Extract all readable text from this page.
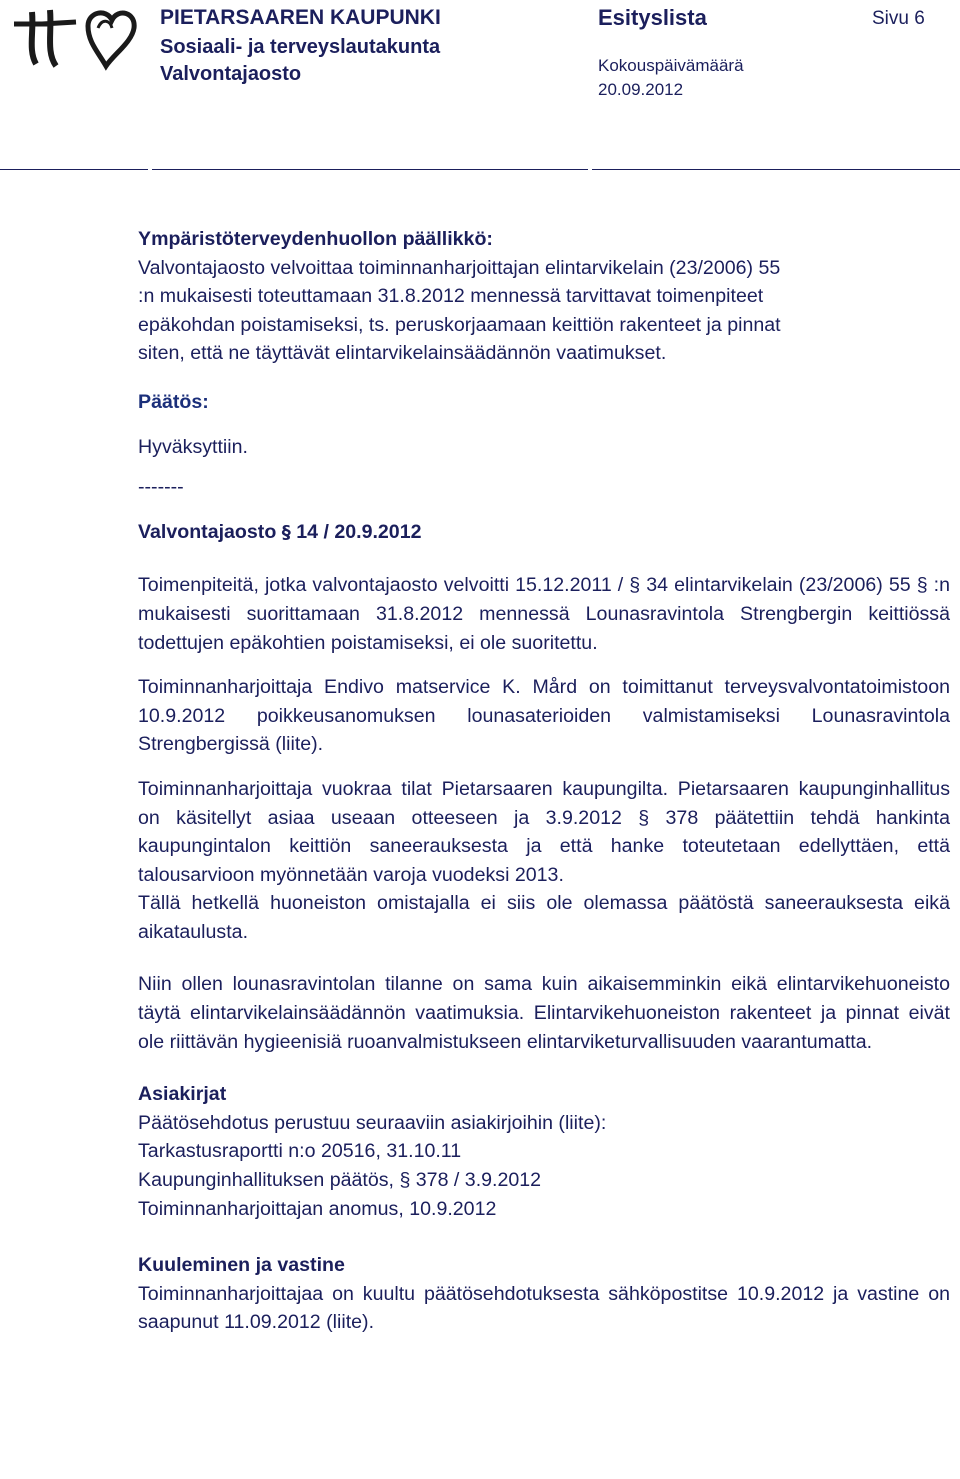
PIETARSAAREN KAUPUNKI
Sosiaali- ja terveyslautakunta
Valvontajaosto
Esityslista	Sivu 6
Kokouspäivämäärä
20.09.2012

Ympäristöterveydenhuollon päällikkö:

Valvontajaosto velvoittaa toiminnanharjoittajan elintarvikelain (23/2006) 55

:n mukaisesti toteuttamaan 31.8.2012 mennessä tarvittavat toimenpiteet

epäkohdan poistamiseksi, ts. peruskorjaamaan keittiön rakenteet ja pinnat

siten, että ne täyttävät elintarvikelainsäädännön vaatimukset.

Päätös:

Hyväksyttiin.

-------

Valvontajaosto § 14 / 20.9.2012

Toimenpiteitä, jotka valvontajaosto velvoitti 15.12.2011 / § 34 elintarvikelain (23/2006) 55 § :n mukaisesti suorittamaan 31.8.2012 mennessä Lounasravintola Strengbergin keittiössä todettujen epäkohtien poistamiseksi, ei ole suoritettu.

Toiminnanharjoittaja Endivo matservice K. Mård on toimittanut terveysvalvontatoimistoon 10.9.2012 poikkeusanomuksen lounasaterioiden valmistamiseksi Lounasravintola Strengbergissä (liite).

Toiminnanharjoittaja vuokraa tilat Pietarsaaren kaupungilta. Pietarsaaren kaupunginhallitus on käsitellyt asiaa useaan otteeseen ja 3.9.2012 § 378 päätettiin tehdä hankinta kaupungintalon keittiön saneerauksesta ja että hanke toteutetaan edellyttäen, että talousarvioon myönnetään varoja vuodeksi 2013.

Tällä hetkellä huoneiston omistajalla ei siis ole olemassa päätöstä saneerauksesta eikä aikataulusta.

Niin ollen lounasravintolan tilanne on sama kuin aikaisemminkin eikä elintarvikehuoneisto täytä elintarvikelainsäädännön vaatimuksia. Elintarvikehuoneiston rakenteet ja pinnat eivät ole riittävän hygieenisiä ruoanvalmistukseen elintarviketurvallisuuden vaarantumatta.

Asiakirjat

Päätösehdotus perustuu seuraaviin asiakirjoihin (liite):

Tarkastusraportti n:o 20516, 31.10.11

Kaupunginhallituksen päätös, § 378 / 3.9.2012

Toiminnanharjoittajan anomus, 10.9.2012

Kuuleminen ja vastine

Toiminnanharjoittajaa on kuultu päätösehdotuksesta sähköpostitse 10.9.2012 ja vastine on saapunut 11.09.2012 (liite).
